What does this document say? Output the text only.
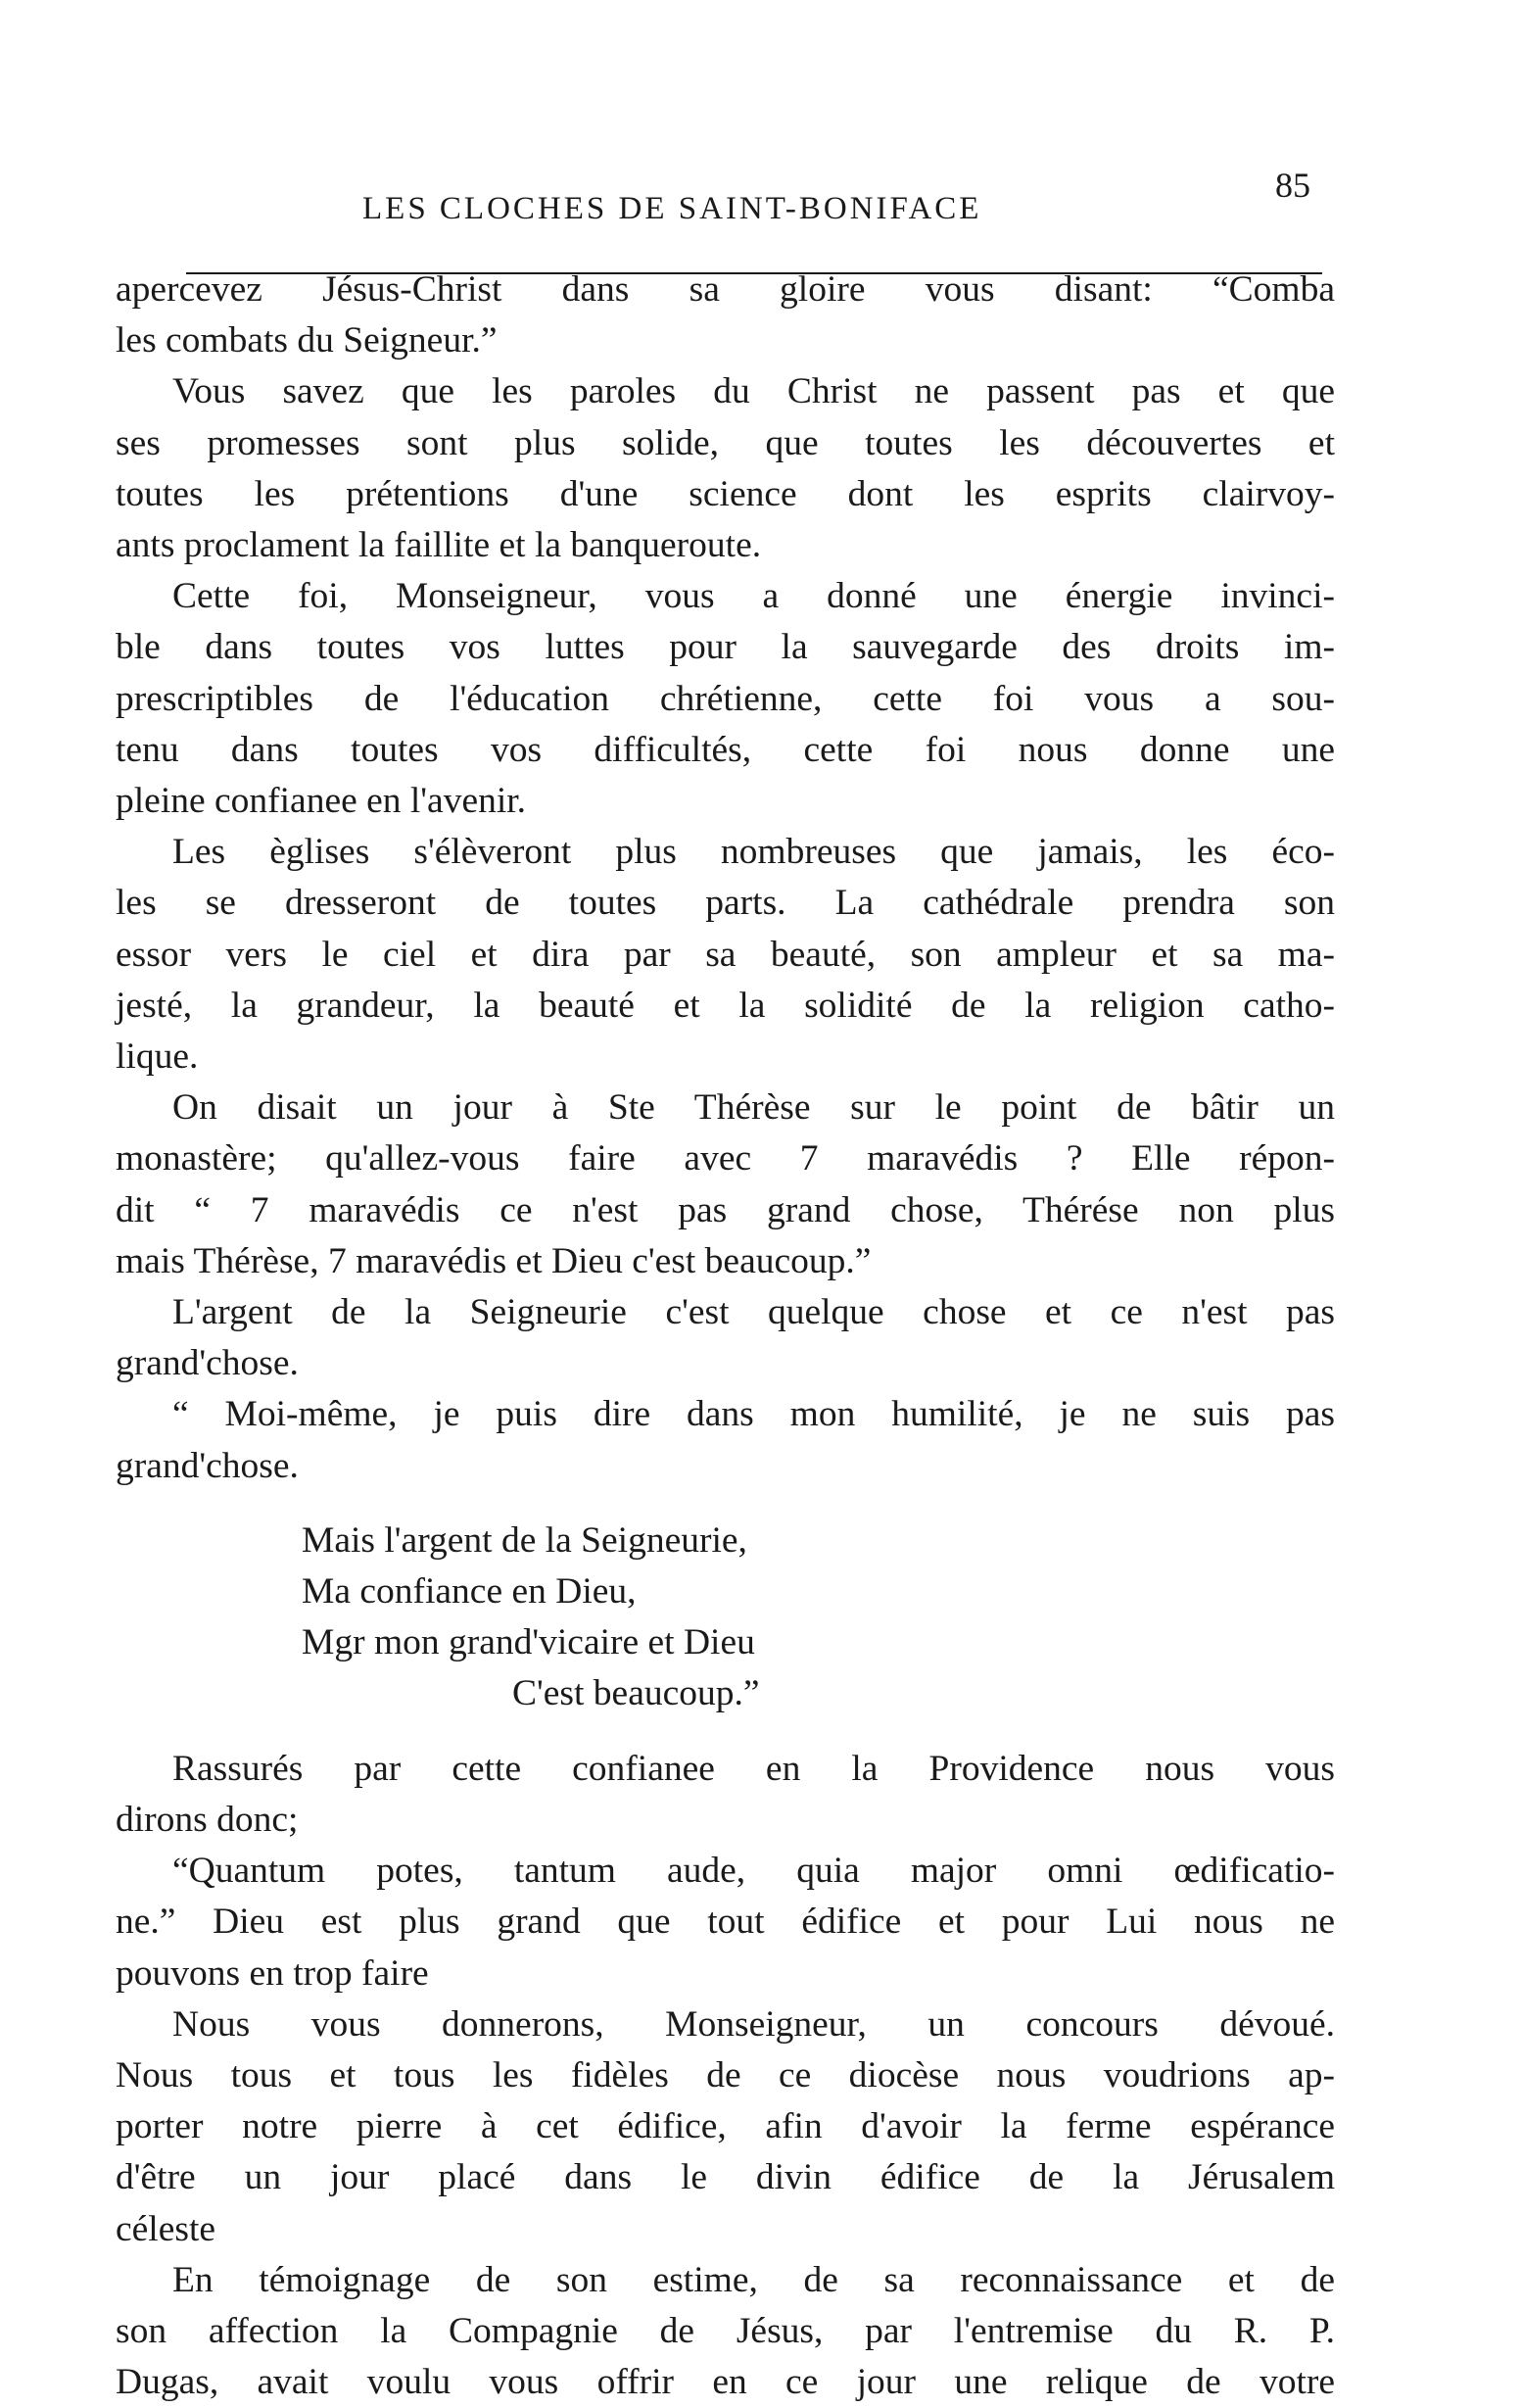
LES CLOCHES DE SAINT-BONIFACE
85
apercevez Jésus-Christ dans sa gloire vous disant: “Comba
les combats du Seigneur.”
Vous savez que les paroles du Christ ne passent pas et que
ses promesses sont plus solide, que toutes les découvertes et
toutes les prétentions d'une science dont les esprits clairvoy-
ants proclament la faillite et la banqueroute.
Cette foi, Monseigneur, vous a donné une énergie invinci-
ble dans toutes vos luttes pour la sauvegarde des droits im-
prescriptibles de l'éducation chrétienne, cette foi vous a sou-
tenu dans toutes vos difficultés, cette foi nous donne une
pleine confianee en l'avenir.
Les èglises s'élèveront plus nombreuses que jamais, les éco-
les se dresseront de toutes parts. La cathédrale prendra son
essor vers le ciel et dira par sa beauté, son ampleur et sa ma-
jesté, la grandeur, la beauté et la solidité de la religion catho-
lique.
On disait un jour à Ste Thérèse sur le point de bâtir un
monastère; qu'allez-vous faire avec 7 maravédis ? Elle répon-
dit “ 7 maravédis ce n'est pas grand chose, Thérése non plus
mais Thérèse, 7 maravédis et Dieu c'est beaucoup.”
L'argent de la Seigneurie c'est quelque chose et ce n'est pas
grand'chose.
“ Moi-même, je puis dire dans mon humilité, je ne suis pas
grand'chose.
Mais l'argent de la Seigneurie,
Ma confiance en Dieu,
Mgr mon grand'vicaire et Dieu
C'est beaucoup.”
Rassurés par cette confianee en la Providence nous vous
dirons donc;
“Quantum potes, tantum aude, quia major omni œdificatio-
ne.” Dieu est plus grand que tout édifice et pour Lui nous ne
pouvons en trop faire
Nous vous donnerons, Monseigneur, un concours dévoué.
Nous tous et tous les fidèles de ce diocèse nous voudrions ap-
porter notre pierre à cet édifice, afin d'avoir la ferme espérance
d'être un jour placé dans le divin édifice de la Jérusalem
céleste
En témoignage de son estime, de sa reconnaissance et de
son affection la Compagnie de Jésus, par l'entremise du R. P.
Dugas, avait voulu vous offrir en ce jour une relique de votre
